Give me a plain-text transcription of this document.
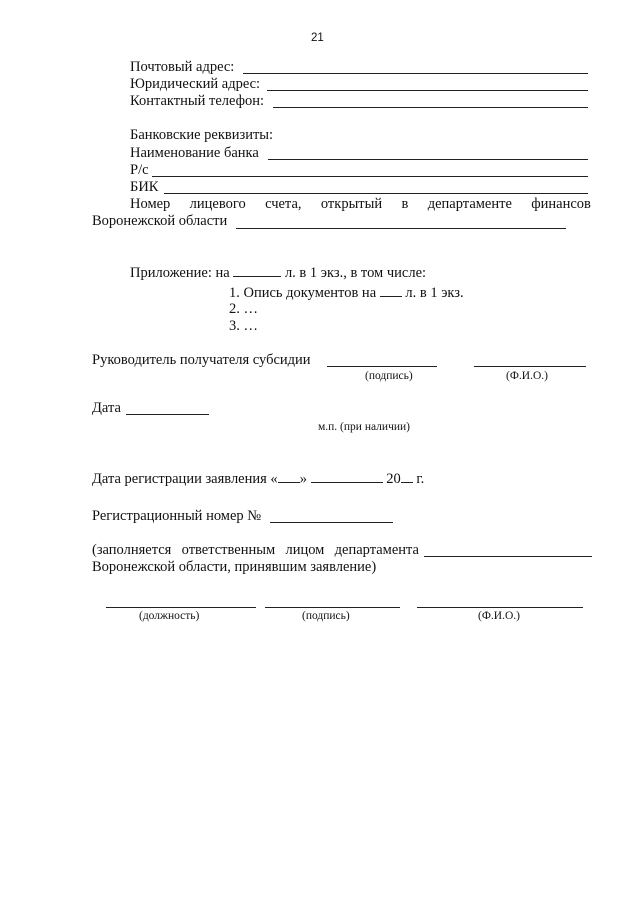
21
Почтовый адрес:
Юридический адрес:
Контактный телефон:
Банковские реквизиты:
Наименование банка
Р/с
БИК
Номер лицевого счета, открытый в департаменте финансов
Воронежской области
Приложение: на	л. в 1 экз., в том числе:
1. Опись документов на л. в 1 экз.
2. …
3. …
Руководитель получателя субсидии
(подпись)	(Ф.И.О.)
Дата
м.п. (при наличии)
Дата регистрации заявления « »	20 г.
Регистрационный номер №
(заполняется ответственным лицом департамента
Воронежской области, принявшим заявление)
(должность)	(подпись)	(Ф.И.О.)
